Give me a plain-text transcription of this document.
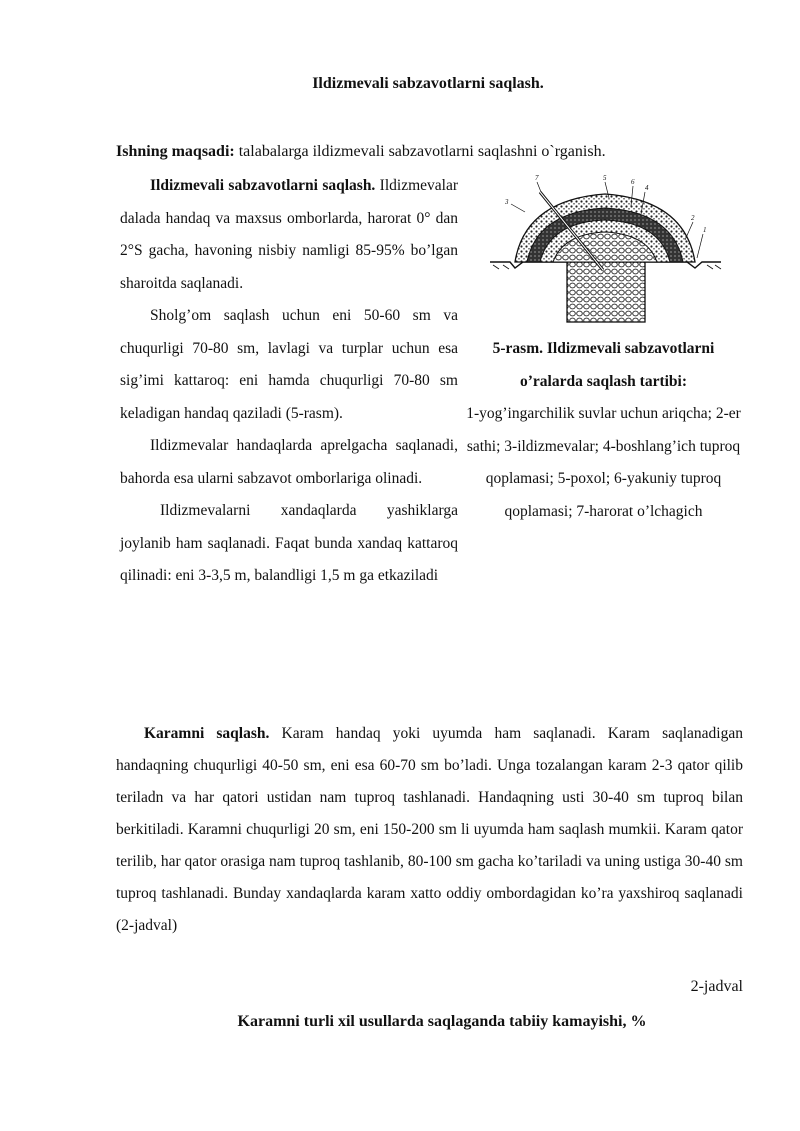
Ildizmevali sabzavotlarni saqlash.
Ishning maqsadi: talabalarga ildizmevali sabzavotlarni saqlashni o`rganish.

Ildizmevali sabzavotlarni saqlash. Ildizmevalar dalada handaq va maxsus omborlarda, harorat 0° dan 2°S gacha, havoning nisbiy namligi 85-95% bo’lgan sharoitda saqlanadi.

Sholg’om saqlash uchun eni 50-60 sm va chuqurligi 70-80 sm, lavlagi va turplar uchun esa sig’imi kattaroq: eni hamda chuqurligi 70-80 sm keladigan handaq qaziladi (5-rasm).

Ildizmevalar handaqlarda aprelgacha saqlanadi, bahorda esa ularni sabzavot omborlariga olinadi.

Ildizmevalarni xandaqlarda yashiklarga joylanib ham saqlanadi. Faqat bunda xandaq kattaroq qilinadi: eni 3-3,5 m, balandligi 1,5 m ga etkaziladi

7	5	6
4
3
2
1
5-rasm. Ildizmevali sabzavotlarni o’ralarda saqlash tartibi:
1-yog’ingarchilik suvlar uchun ariqcha; 2-er sathi; 3-ildizmevalar; 4-boshlang’ich tuproq qoplamasi; 5-poxol; 6-yakuniy tuproq qoplamasi; 7-harorat o’lchagich

Karamni saqlash. Karam handaq yoki uyumda ham saqlanadi. Karam saqlanadigan handaqning chuqurligi 40-50 sm, eni esa 60-70 sm bo’ladi. Unga tozalangan karam 2-3 qator qilib teriladn va har qatori ustidan nam tuproq tashlanadi. Handaqning usti 30-40 sm tuproq bilan berkitiladi. Karamni chuqurligi 20 sm, eni 150-200 sm li uyumda ham saqlash mumkii. Karam qator terilib, har qator orasiga nam tuproq tashlanib, 80-100 sm gacha ko’tariladi va uning ustiga 30-40 sm tuproq tashlanadi. Bunday xandaqlarda karam xatto oddiy ombordagidan ko’ra yaxshiroq saqlanadi (2-jadval)

2-jadval
Karamni turli xil usullarda saqlaganda tabiiy kamayishi, %
